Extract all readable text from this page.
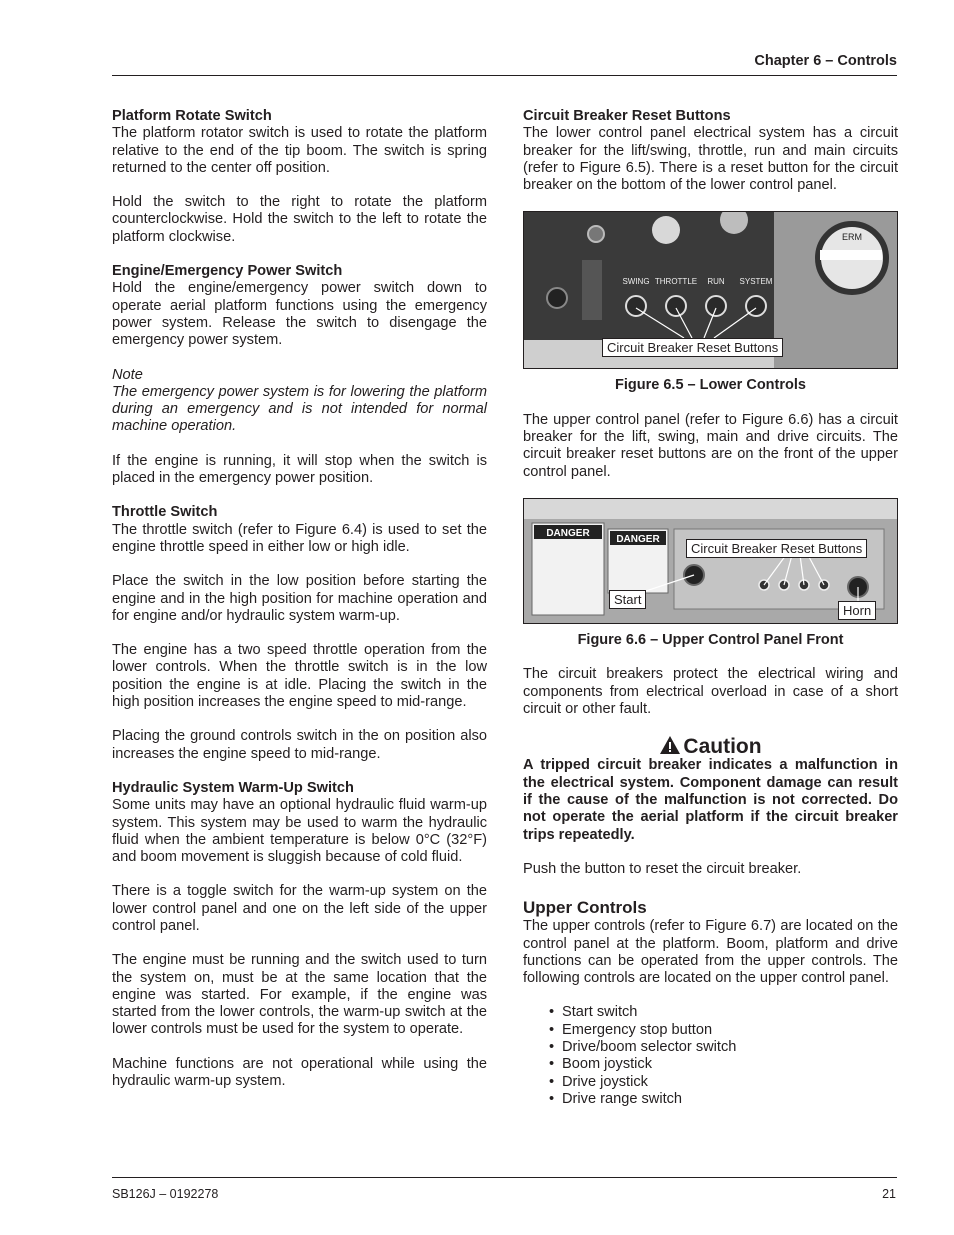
Chapter 6 – Controls
Platform Rotate Switch

The platform rotator switch is used to rotate the platform relative to the end of the tip boom. The switch is spring returned to the center off position.

Hold the switch to the right to rotate the platform counterclockwise. Hold the switch to the left to rotate the platform clockwise.

Engine/Emergency Power Switch

Hold the engine/emergency power switch down to operate aerial platform functions using the emergency power system. Release the switch to disengage the emergency power system.

Note

The emergency power system is for lowering the platform during an emergency and is not intended for normal machine operation.

If the engine is running, it will stop when the switch is placed in the emergency power position.

Throttle Switch

The throttle switch (refer to Figure 6.4) is used to set the engine throttle speed in either low or high idle.

Place the switch in the low position before starting the engine and in the high position for machine operation and for engine and/or hydraulic system warm-up.

The engine has a two speed throttle operation from the lower controls. When the throttle switch is in the low position the engine is at idle. Placing the switch in the high position increases the engine speed to mid-range.

Placing the ground controls switch in the on position also increases the engine speed to mid-range.

Hydraulic System Warm-Up Switch

Some units may have an optional hydraulic fluid warm-up system. This system may be used to warm the hydraulic fluid when the ambient temperature is below 0°C (32°F) and boom movement is sluggish because of cold fluid.

There is a toggle switch for the warm-up system on the lower control panel and one on the left side of the upper control panel.

The engine must be running and the switch used to turn the system on, must be at the same location that the engine was started. For example, if the engine was started from the lower controls, the warm-up switch at the lower controls must be used for the system to operate.

Machine functions are not operational while using the hydraulic warm-up system.

Circuit Breaker Reset Buttons

The lower control panel electrical system has a circuit breaker for the lift/swing, throttle, run and main circuits (refer to Figure 6.5). There is a reset button for the circuit breaker on the bottom of the lower control panel.

ERM
SWING THROTTLE RUN SYSTEM
Circuit Breaker Reset Buttons
Figure 6.5 – Lower Controls

The upper control panel (refer to Figure 6.6) has a circuit breaker for the lift, swing, main and drive circuits. The circuit breaker reset buttons are on the front of the upper control panel.

DANGER
DANGER
Circuit Breaker Reset Buttons
Start
Horn
Figure 6.6 – Upper Control Panel Front

The circuit breakers protect the electrical wiring and components from electrical overload in case of a short circuit or other fault.

Caution

A tripped circuit breaker indicates a malfunction in the electrical system. Component damage can result if the cause of the malfunction is not corrected. Do not operate the aerial platform if the circuit breaker trips repeatedly.

Push the button to reset the circuit breaker.

Upper Controls

The upper controls (refer to Figure 6.7) are located on the control panel at the platform. Boom, platform and drive functions can be operated from the upper controls. The following controls are located on the upper control panel.

• Start switch
• Emergency stop button
• Drive/boom selector switch
• Boom joystick
• Drive joystick
• Drive range switch
SB126J – 0192278	21
